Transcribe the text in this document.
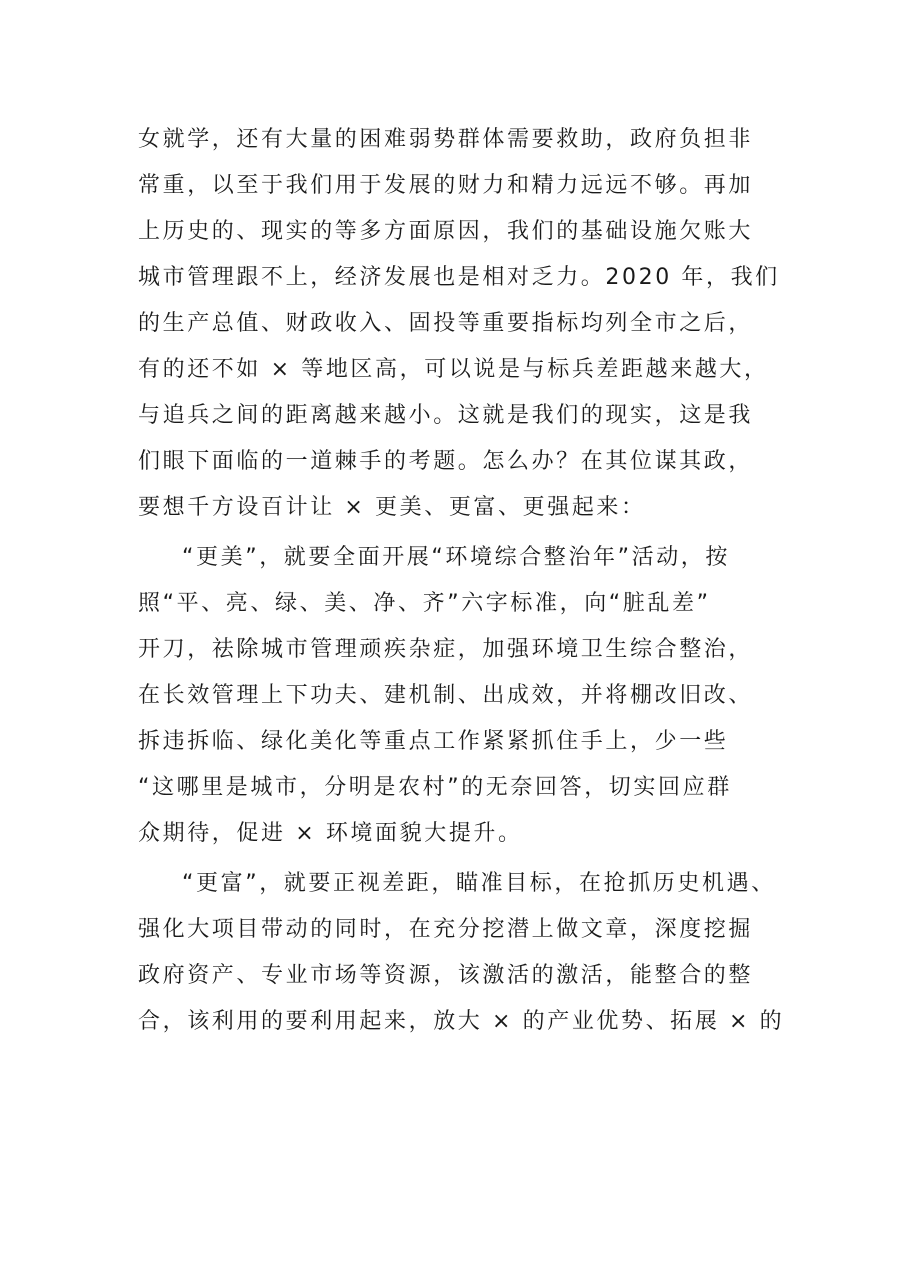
女就学，还有大量的困难弱势群体需要救助，政府负担非
常重，以至于我们用于发展的财力和精力远远不够。再加
上历史的、现实的等多方面原因，我们的基础设施欠账大
城市管理跟不上，经济发展也是相对乏力。2020 年，我们
的生产总值、财政收入、固投等重要指标均列全市之后，
有的还不如 × 等地区高，可以说是与标兵差距越来越大，
与追兵之间的距离越来越小。这就是我们的现实，这是我
们眼下面临的一道棘手的考题。怎么办？在其位谋其政，
要想千方设百计让 × 更美、更富、更强起来：
“更美”，就要全面开展“环境综合整治年”活动，按
照“平、亮、绿、美、净、齐”六字标准，向“脏乱差”
开刀，祛除城市管理顽疾杂症，加强环境卫生综合整治，
在长效管理上下功夫、建机制、出成效，并将棚改旧改、
拆违拆临、绿化美化等重点工作紧紧抓住手上，少一些
“这哪里是城市，分明是农村”的无奈回答，切实回应群
众期待，促进 × 环境面貌大提升。
“更富”，就要正视差距，瞄准目标，在抢抓历史机遇、
强化大项目带动的同时，在充分挖潜上做文章，深度挖掘
政府资产、专业市场等资源，该激活的激活，能整合的整
合，该利用的要利用起来，放大 × 的产业优势、拓展 × 的
